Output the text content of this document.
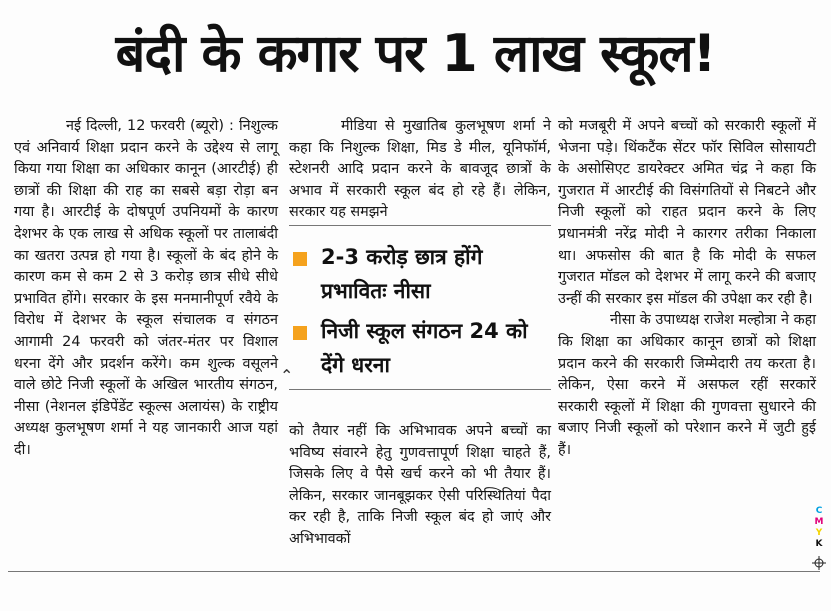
बंदी के कगार पर 1 लाख स्कूल!

नई दिल्ली, 12 फरवरी (ब्यूरो) : निशुल्क एवं अनिवार्य शिक्षा प्रदान करने के उद्देश्य से लागू किया गया शिक्षा का अधिकार कानून (आरटीई) ही छात्रों की शिक्षा की राह का सबसे बड़ा रोड़ा बन गया है। आरटीई के दोषपूर्ण उपनियमों के कारण देशभर के एक लाख से अधिक स्कूलों पर तालाबंदी का खतरा उत्पन्न हो गया है। स्कूलों के बंद होने के कारण कम से कम 2 से 3 करोड़ छात्र सीधे सीधे प्रभावित होंगे। सरकार के इस मनमानीपूर्ण रवैये के विरोध में देशभर के स्कूल संचालक व संगठन आगामी 24 फरवरी को जंतर-मंतर पर विशाल धरना देंगे और प्रदर्शन करेंगे। कम शुल्क वसूलने वाले छोटे निजी स्कूलों के अखिल भारतीय संगठन, नीसा (नेशनल इंडिपेंडेंट स्कूल्स अलायंस) के राष्ट्रीय अध्यक्ष कुलभूषण शर्मा ने यह जानकारी आज यहां दी।

मीडिया से मुखातिब कुलभूषण शर्मा ने कहा कि निशुल्क शिक्षा, मिड डे मील, यूनिफॉर्म, स्टेशनरी आदि प्रदान करने के बावजूद छात्रों के अभाव में सरकारी स्कूल बंद हो रहे हैं। लेकिन, सरकार यह समझने

2-3 करोड़ छात्र होंगे प्रभावितः नीसा
निजी स्कूल संगठन 24 को देंगे धरना
⌃

को तैयार नहीं कि अभिभावक अपने बच्चों का भविष्य संवारने हेतु गुणवत्तापूर्ण शिक्षा चाहते हैं, जिसके लिए वे पैसे खर्च करने को भी तैयार हैं। लेकिन, सरकार जानबूझकर ऐसी परिस्थितियां पैदा कर रही है, ताकि निजी स्कूल बंद हो जाएं और अभिभावकों

को मजबूरी में अपने बच्चों को सरकारी स्कूलों में भेजना पड़े। थिंकटैंक सेंटर फॉर सिविल सोसायटी के असोसिएट डायरेक्टर अमित चंद्र ने कहा कि गुजरात में आरटीई की विसंगतियों से निबटने और निजी स्कूलों को राहत प्रदान करने के लिए प्रधानमंत्री नरेंद्र मोदी ने कारगर तरीका निकाला था। अफसोस की बात है कि मोदी के सफल गुजरात मॉडल को देशभर में लागू करने की बजाए उन्हीं की सरकार इस मॉडल की उपेक्षा कर रही है।

नीसा के उपाध्यक्ष राजेश मल्होत्रा ने कहा कि शिक्षा का अधिकार कानून छात्रों को शिक्षा प्रदान करने की सरकारी जिम्मेदारी तय करता है। लेकिन, ऐसा करने में असफल रहीं सरकारें सरकारी स्कूलों में शिक्षा की गुणवत्ता सुधारने की बजाए निजी स्कूलों को परेशान करने में जुटी हुई हैं।

C
M
Y
K
